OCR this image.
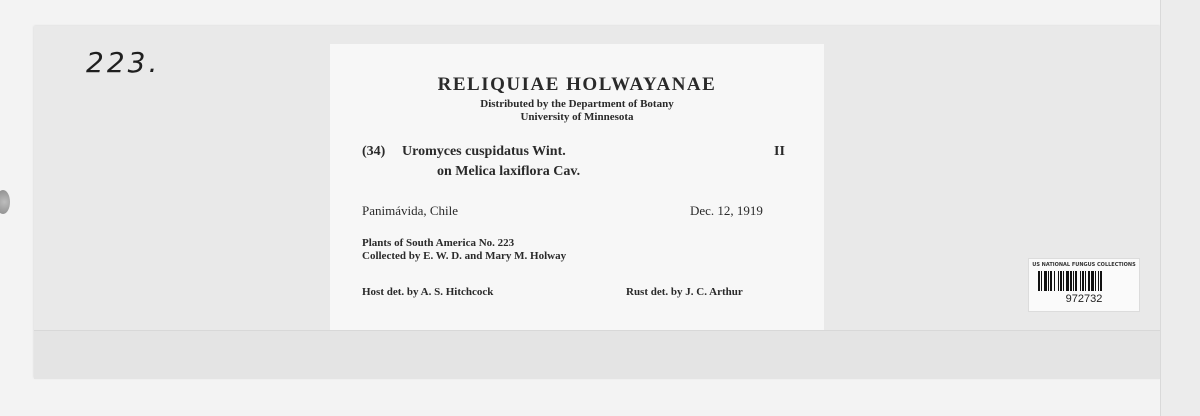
223.
RELIQUIAE HOLWAYANAE
Distributed by the Department of Botany
University of Minnesota
(34) Uromyces cuspidatus Wint.	II
on Melica laxiflora Cav.
Panimávida, Chile	Dec. 12, 1919
Plants of South America No. 223
Collected by E. W. D. and Mary M. Holway
Host det. by A. S. Hitchcock	Rust det. by J. C. Arthur
US NATIONAL FUNGUS COLLECTIONS
972732
